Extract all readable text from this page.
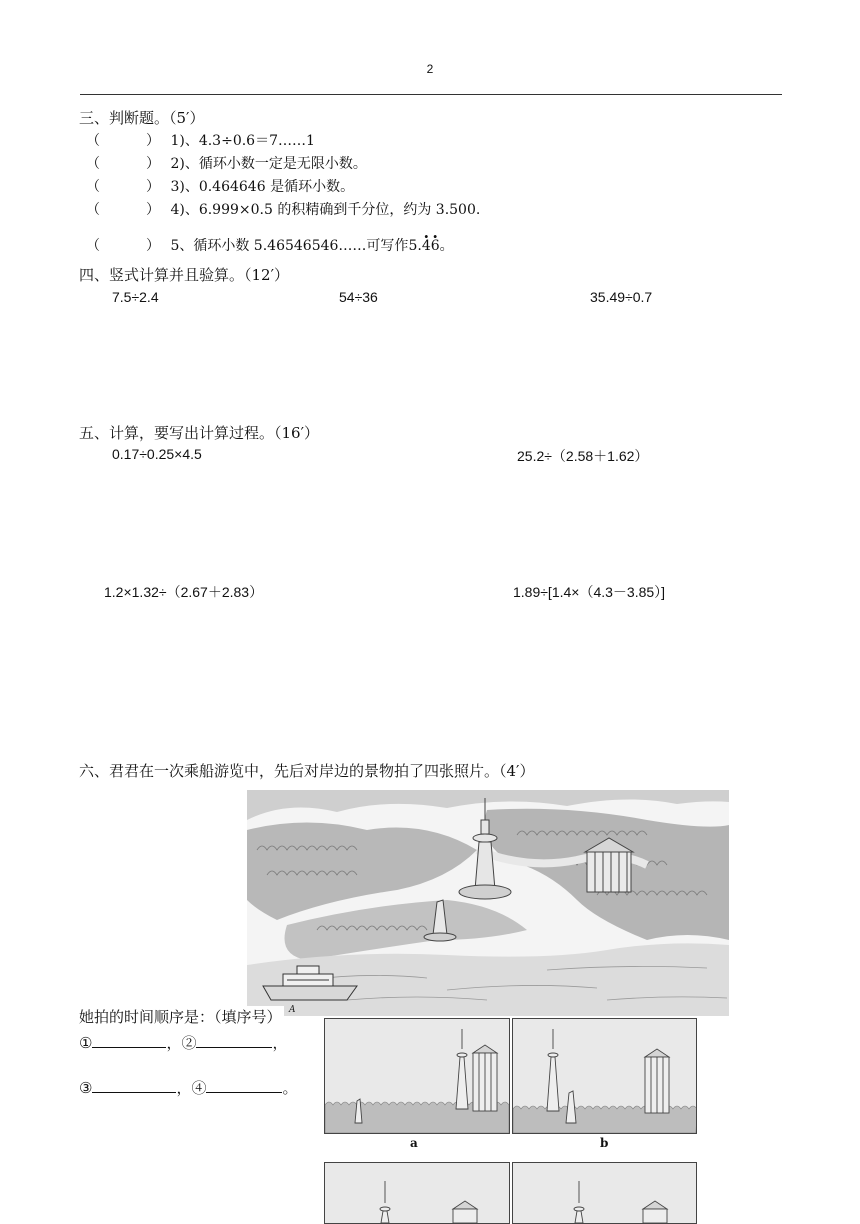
2
三、判断题。（5′）
（	） 1)、4.3÷0.6＝7……1
（	） 2)、循环小数一定是无限小数。
（	） 3)、0.464646 是循环小数。
（	） 4)、6.999×0.5 的积精确到千分位，约为 3.500.
（	） 5、循环小数 5.46546546……可写作5.· 4· 6。
四、竖式计算并且验算。（12′）
7.5÷2.4	54÷36	35.49÷0.7
五、计算，要写出计算过程。（16′）
0.17÷0.25×4.5	25.2÷（2.58＋1.62）
1.2×1.32÷（2.67＋2.83）	1.89÷[1.4×（4.3－3.85）]
六、君君在一次乘船游览中，先后对岸边的景物拍了四张照片。（4′）
A
她拍的时间顺序是：（填序号）
①	，②	，
③	，④	。
a	b
